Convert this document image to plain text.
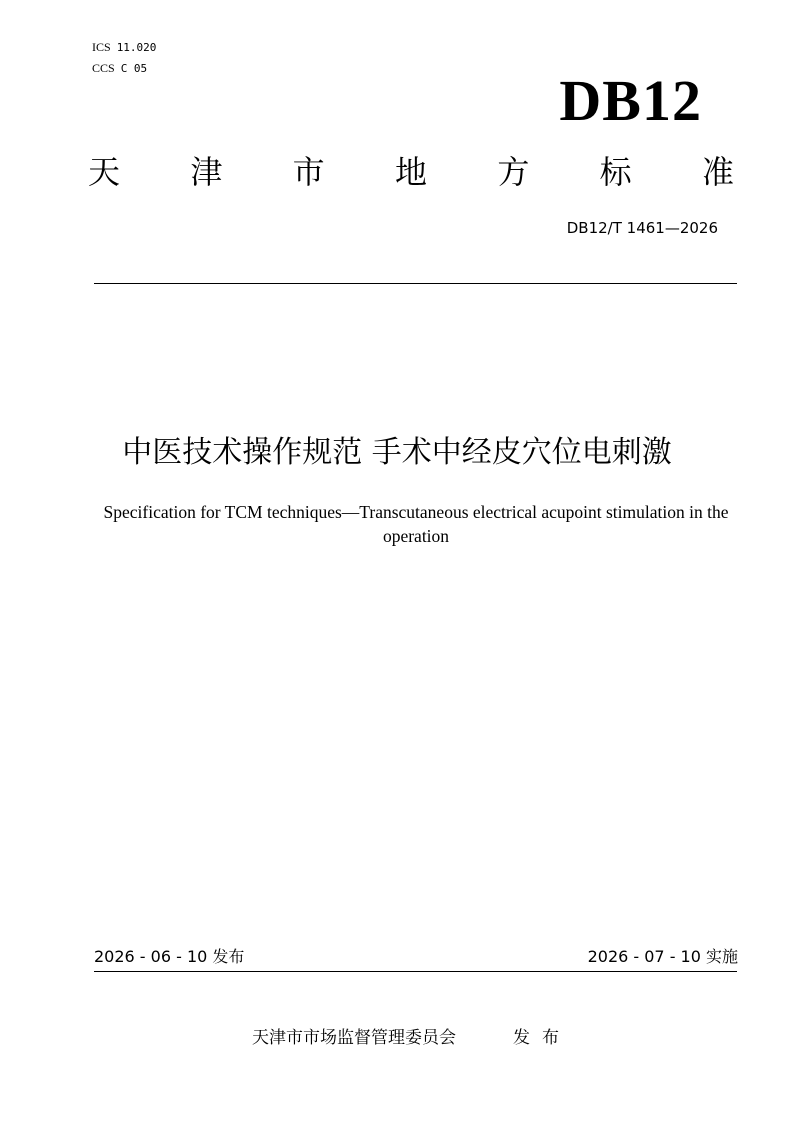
ICS 11.020
CCS C 05	DB12
天 津 市 地 方 标 准
DB12/T 1461—2026
中医技术操作规范 手术中经皮穴位电刺激
Specification for TCM techniques—Transcutaneous electrical acupoint stimulation in the operation
2026 - 06 - 10 发布	2026 - 07 - 10 实施
天津市市场监督管理委员会	发布
